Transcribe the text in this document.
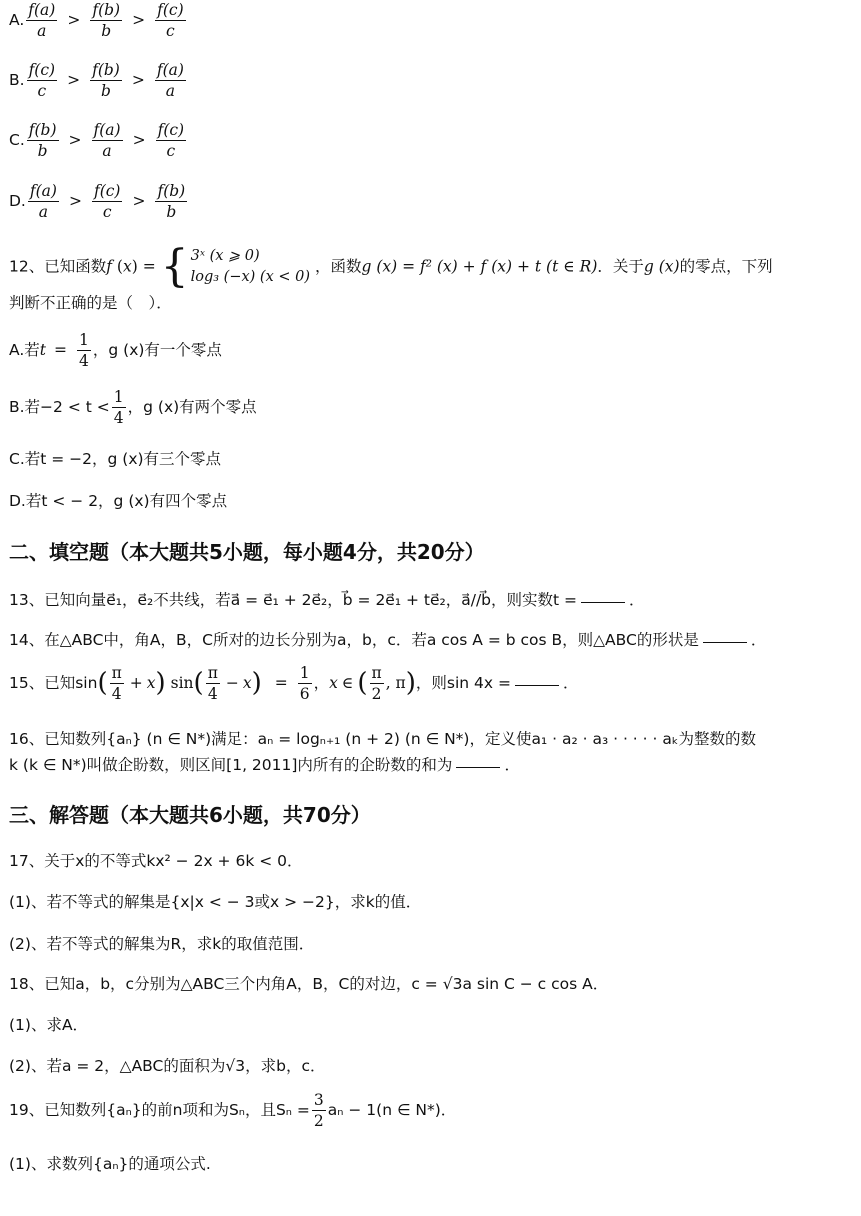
A. $\frac{f(a)}{a} > \frac{f(b)}{b} > \frac{f(c)}{c}$
B. $\frac{f(c)}{c} > \frac{f(b)}{b} > \frac{f(a)}{a}$
C. $\frac{f(b)}{b} > \frac{f(a)}{a} > \frac{f(c)}{c}$
D. $\frac{f(a)}{a} > \frac{f(c)}{c} > \frac{f(b)}{b}$
12、已知函数f (x) = { 3ˣ (x ⩾ 0)
log₃ (−x) (x < 0)
，函数g (x) = f² (x) + f (x) + t (t ∈ R)．关于g (x)的零点，下列
判断不正确的是（　）．
A.若$t = \frac{1}{4}$ ，g (x)有一个零点
B.若$-2 < t < \frac{1}{4}$ ，g (x)有两个零点
C.若t = −2，g (x)有三个零点
D.若t < − 2，g (x)有四个零点
二、填空题（本大题共5小题，每小题4分，共20分）
13、已知向量e⃗₁，e⃗₂不共线，若a⃗ = e⃗₁ + 2e⃗₂，b⃗ = 2e⃗₁ + te⃗₂，a⃗//b⃗，则实数t =	．
14、在△ABC中，角A，B，C所对的边长分别为a，b，c．若a cos A = b cos B，则△ABC的形状是	．
15、已知$\sin( \frac{\pi}{4} + x)$ $\sin( \frac{\pi}{4} - x) = \frac{1}{6}$ ，x ∈ ( $\frac{\pi}{2}$ , π)，则sin 4x =	．
16、已知数列{aₙ} (n ∈ N*)满足：aₙ = logₙ₊₁ (n + 2) (n ∈ N*)，定义使a₁ · a₂ · a₃ · · · · · aₖ为整数的数
k (k ∈ N*)叫做企盼数，则区间[1, 2011]内所有的企盼数的和为	．
三、解答题（本大题共6小题，共70分）
17、关于x的不等式kx² − 2x + 6k < 0．
(1)、若不等式的解集是{x|x < − 3或x > −2}，求k的值．
(2)、若不等式的解集为R，求k的取值范围．
18、已知a，b，c分别为△ABC三个内角A，B，C的对边，c = √3a sin C − c cos A．
(1)、求A．
(2)、若a = 2，△ABC的面积为√3，求b，c．
19、已知数列{aₙ}的前n项和为Sₙ，且$S_n = \frac{3}{2}$ aₙ − 1(n ∈ N*)．
(1)、求数列{aₙ}的通项公式.
